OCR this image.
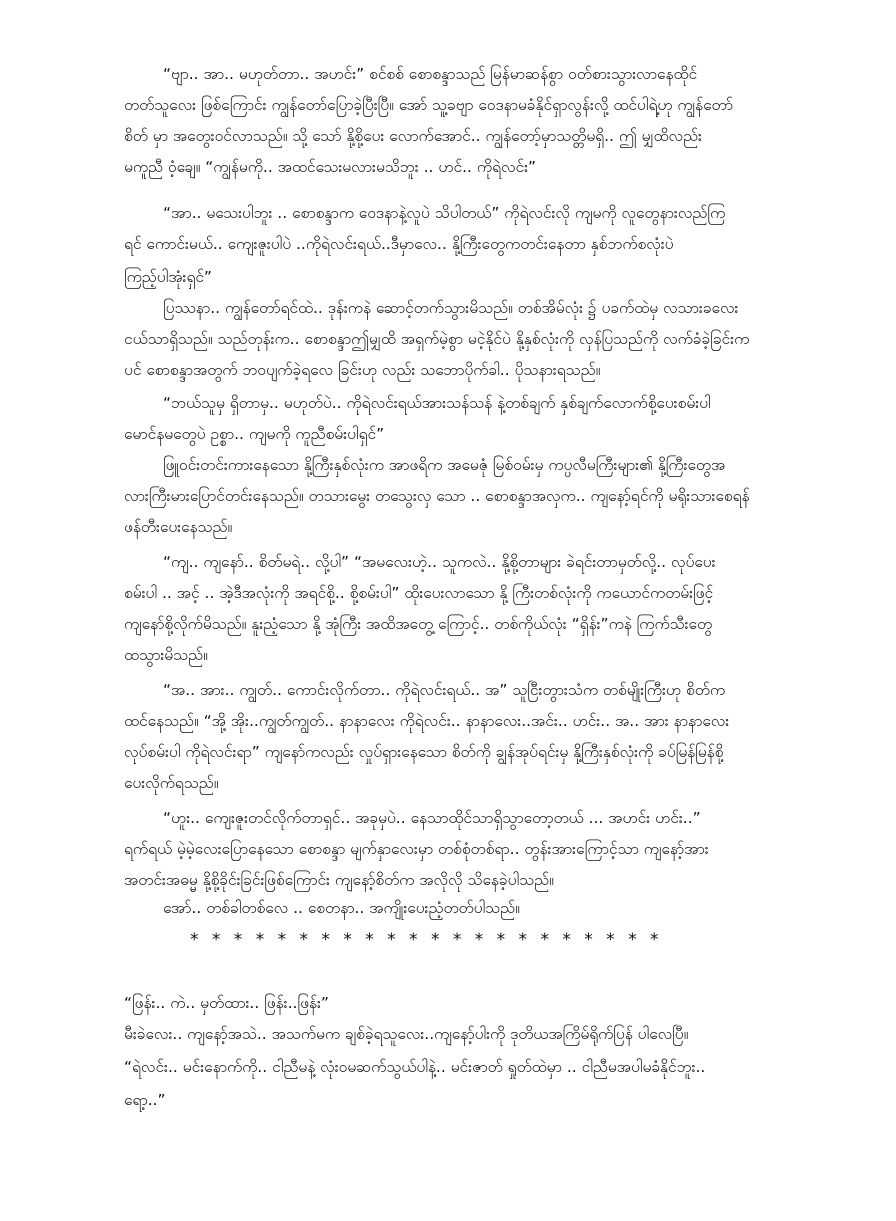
“ဗျာ.. အာ.. မဟုတ်တာ.. အဟင်း” စင်စစ် စောစန္ဒာသည် မြန်မာဆန်စွာ ဝတ်စားသွားလာနေထိုင်
တတ်သူလေး ဖြစ်ကြောင်း ကျွန်တော်ပြောခဲ့ပြီးပြီ။ အော် သူ့ခဗျာ ဝေဒနာမခံနိုင်ရှာလွန်းလို့ ထင်ပါရဲ့ဟု ကျွန်တော်
စိတ် မှာ အတွေးဝင်လာသည်။ သို့ သော် နို့စို့ပေး လောက်အောင်.. ကျွန်တော့်မှာသတ္တိမရှိ.. ဤ မျှထိလည်း
မကူညီ ဝံ့ချေ။ “ကျွန်မကို.. အထင်သေးမလားမသိဘူး .. ဟင်.. ကိုရဲလင်း”
“အာ.. မသေးပါဘူး .. စောစန္ဒာက ဝေဒနာနဲ့လူပဲ သိပါတယ်” ကိုရဲလင်းလို ကျမကို လူတွေနားလည်ကြ
ရင် ကောင်းမယ်.. ကျေးဇူးပါပဲ ..ကိုရဲလင်းရယ်..ဒီမှာလေ.. နို့ကြီးတွေကတင်းနေတာ နှစ်ဘက်စလုံးပဲ
ကြည့်ပါအုံးရှင်”
ပြဿနာ.. ကျွန်တော်ရင်ထဲ.. ဒုန်းကနဲ ဆောင့်တက်သွားမိသည်။ တစ်အိမ်လုံး ၌ ပခက်ထဲမှ လသားခလေး
ငယ်သာရှိသည်။ သည်တုန်းက.. စောစန္ဒာဤမျှထိ အရှက်မဲ့စွာ မငဲ့နိုင်ပဲ နို့နှစ်လုံးကို လှန်ပြသည်ကို လက်ခံခဲ့ခြင်းက
ပင် စောစန္ဒာအတွက် ဘဝပျက်ခဲ့ရလေ ခြင်းဟု လည်း သဘောပိုက်ခါ.. ပိုသနားရသည်။
“ဘယ်သူမှ ရှိတာမှ.. မဟုတ်ပဲ.. ကိုရဲလင်းရယ်အားသန်သန် နဲ့တစ်ချက် နှစ်ချက်လောက်စို့ပေးစမ်းပါ
မောင်နမတွေပဲ ဥစ္စာ.. ကျမကို ကူညီစမ်းပါရှင်”
ဖြူဝင်းတင်းကားနေသော နို့ကြီးနှစ်လုံးက အာဖရိက အမေဇုံ မြစ်ဝမ်းမှ ကပ္ပလီမကြီးများ၏ နို့ကြီးတွေအ
လားကြီးမားပြောင်တင်းနေသည်။ တသားမွေး တသွေးလှ သော .. စောစန္ဒာအလှက.. ကျနော့်ရင်ကို မရိုးသားစေရန်
ဖန်တီးပေးနေသည်။
“ကျ.. ကျနော်.. စိတ်မရဲ.. လို့ပါ” “အမလေးဟဲ့.. သူကလဲ.. နို့စို့တာများ ခဲရင်းတာမှတ်လို့.. လုပ်ပေး
စမ်းပါ .. အင့် .. အဲ့ဒီအလုံးကို အရင်စို့.. စို့စမ်းပါ” ထိုးပေးလာသော နို့ ကြီးတစ်လုံးကို ကယောင်ကတမ်းဖြင့်
ကျနော်စို့လိုက်မိသည်။ နူးညံ့သော နို့ အုံကြီး အထိအတွေ့ ကြောင့်.. တစ်ကိုယ်လုံး “ရှိန်း”ကနဲ ကြက်သီးတွေ
ထသွားမိသည်။
“အ.. အား.. ကျွတ်.. ကောင်းလိုက်တာ.. ကိုရဲလင်းရယ်.. အ” သူငြီးတွားသံက တစ်မျိုးကြီးဟု စိတ်က
ထင်နေသည်။ “အို့ အိုး..ကျွတ်ကျွတ်.. နာနာလေး ကိုရဲလင်း.. နာနာလေး..အင်း.. ဟင်း.. အ.. အား နာနာလေး
လုပ်စမ်းပါ ကိုရဲလင်းရာ” ကျနော်ကလည်း လှုပ်ရှားနေသော စိတ်ကို ချွန်အုပ်ရင်းမှ နို့ကြီးနှစ်လုံးကို ခပ်မြန်မြန်စို့
ပေးလိုက်ရသည်။
“ဟူး.. ကျေးဇူးတင်လိုက်တာရှင်.. အခုမှပဲ.. နေသာထိုင်သာရှိသွာတော့တယ် ... အဟင်း ဟင်း..”
ရက်ရယ် မဲ့မဲ့လေးပြောနေသော စောစန္ဒာ မျက်နှာလေးမှာ တစ်စုံတစ်ရာ.. တွန်းအားကြောင့်သာ ကျနော့်အား
အတင်းအဓမ္မ နို့စို့ခိုင်းခြင်းဖြစ်ကြောင်း ကျနော့်စိတ်က အလိုလို သိနေခဲ့ပါသည်။
အော်.. တစ်ခါတစ်လေ .. စေတနာ.. အကျိုးပေးညံ့တတ်ပါသည်။
* * * * * * * * * * * * * * * * * * * * * *
“ဖြန်း.. ကဲ.. မှတ်ထား.. ဖြန်း..ဖြန်း”
မီးခဲလေး.. ကျနော့်အသဲ.. အသက်မက ချစ်ခဲ့ရသူလေး..ကျနော့်ပါးကို ဒုတိယအကြိမ်ရိုက်ပြန် ပါလေပြီ။
“ရဲလင်း.. မင်းနောက်ကို.. ငါညီမနဲ့ လုံးဝမဆက်သွယ်ပါနဲ့.. မင်းဇာတ် ရှုတ်ထဲမှာ .. ငါညီမအပါမခံနိုင်ဘူး..
ရော့..”
